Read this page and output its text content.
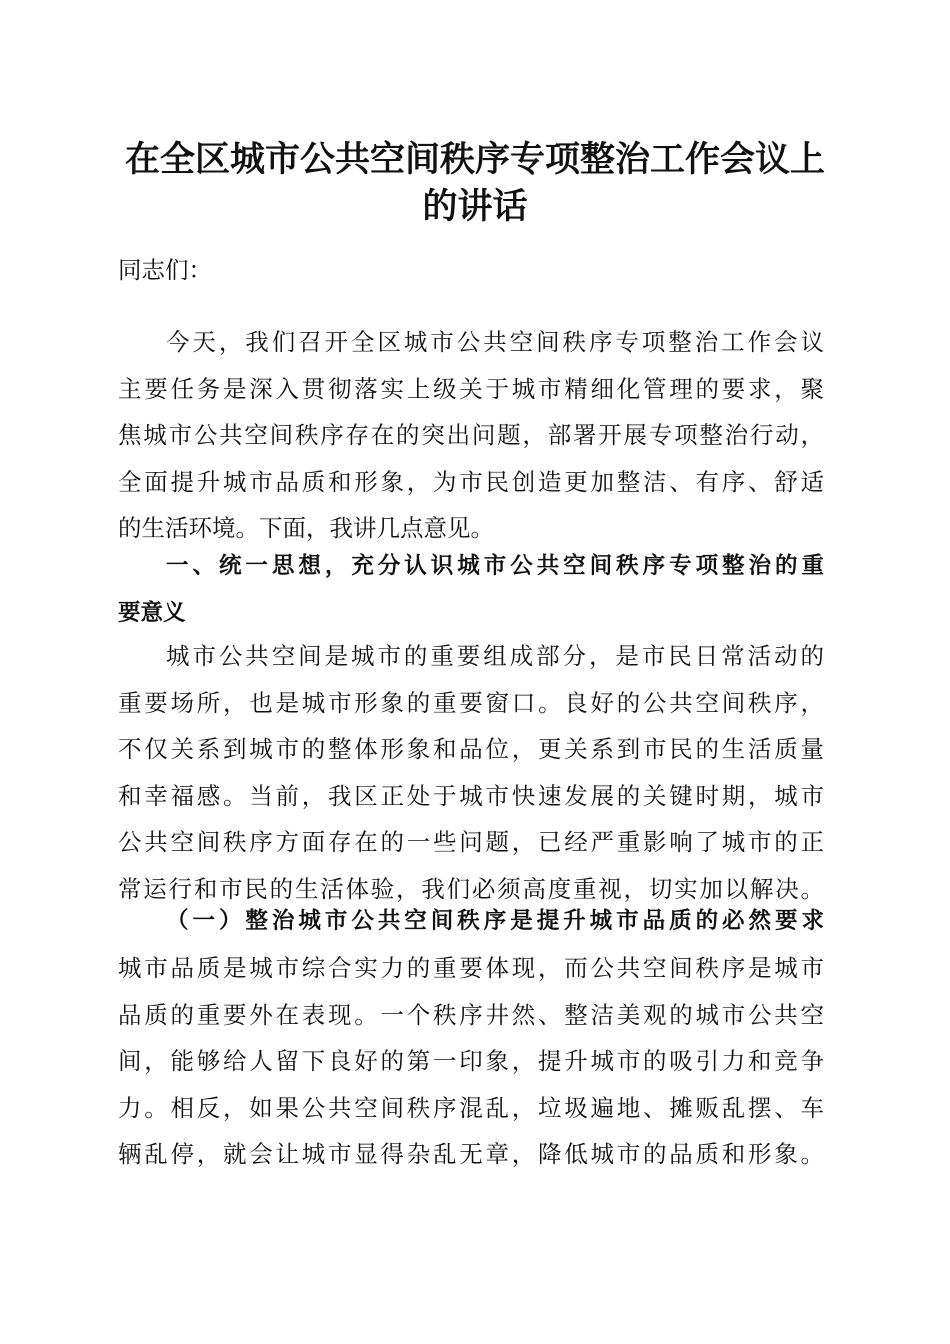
在全区城市公共空间秩序专项整治工作会议上
的讲话
同志们：
今天，我们召开全区城市公共空间秩序专项整治工作会议
主要任务是深入贯彻落实上级关于城市精细化管理的要求，聚
焦城市公共空间秩序存在的突出问题，部署开展专项整治行动，
全面提升城市品质和形象，为市民创造更加整洁、有序、舒适
的生活环境。下面，我讲几点意见。
一、统一思想，充分认识城市公共空间秩序专项整治的重
要意义
城市公共空间是城市的重要组成部分，是市民日常活动的
重要场所，也是城市形象的重要窗口。良好的公共空间秩序，
不仅关系到城市的整体形象和品位，更关系到市民的生活质量
和幸福感。当前，我区正处于城市快速发展的关键时期，城市
公共空间秩序方面存在的一些问题，已经严重影响了城市的正
常运行和市民的生活体验，我们必须高度重视，切实加以解决。
（一）整治城市公共空间秩序是提升城市品质的必然要求
城市品质是城市综合实力的重要体现，而公共空间秩序是城市
品质的重要外在表现。一个秩序井然、整洁美观的城市公共空
间，能够给人留下良好的第一印象，提升城市的吸引力和竞争
力。相反，如果公共空间秩序混乱，垃圾遍地、摊贩乱摆、车
辆乱停，就会让城市显得杂乱无章，降低城市的品质和形象。
